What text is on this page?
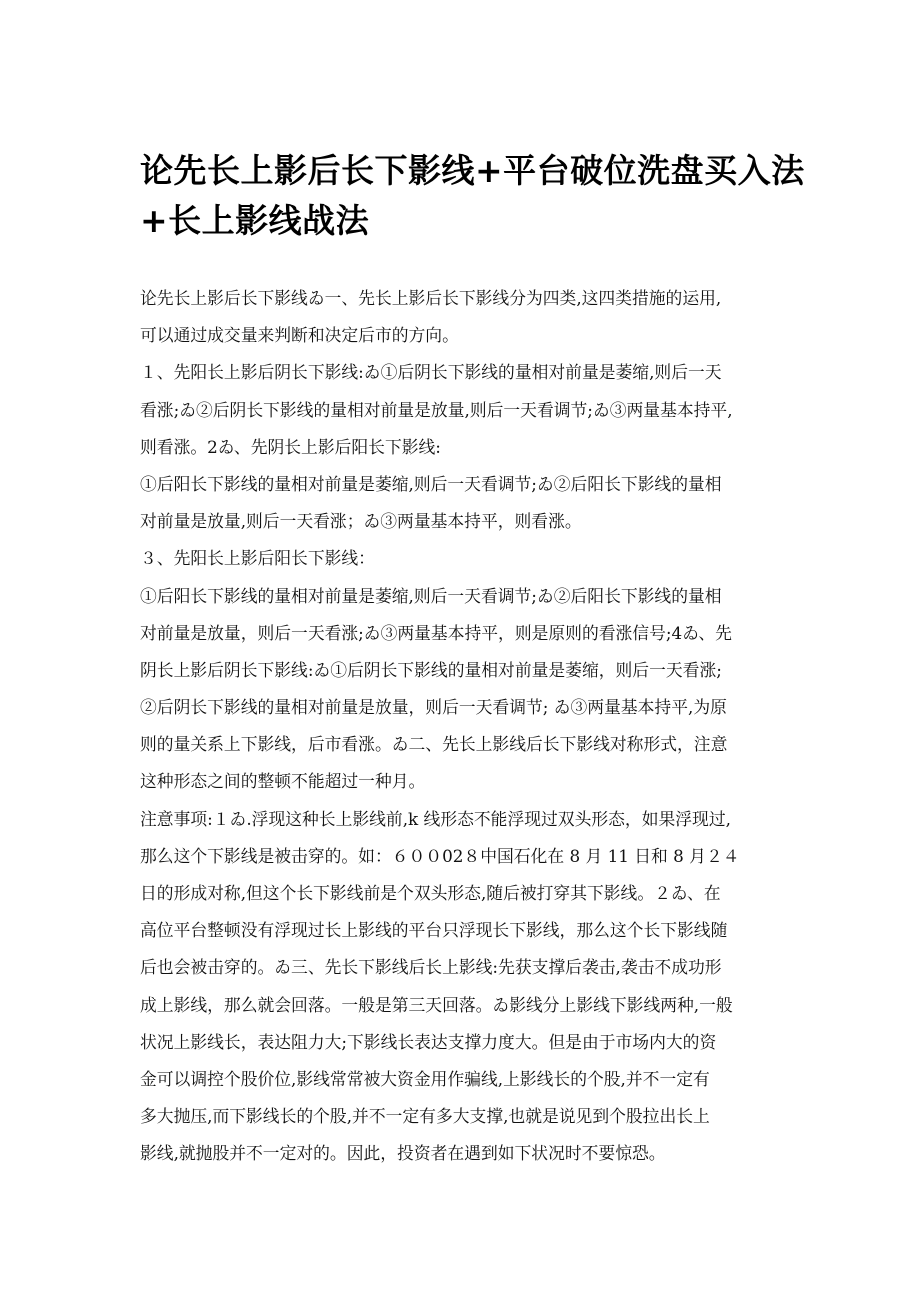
论先长上影后长下影线+平台破位洗盘买入法
+长上影线战法
论先长上影后长下影线ゐ一、先长上影后长下影线分为四类,这四类措施的运用,
可以通过成交量来判断和决定后市的方向。
１、先阳长上影后阴长下影线:ゐ①后阴长下影线的量相对前量是萎缩,则后一天
看涨;ゐ②后阴长下影线的量相对前量是放量,则后一天看调节;ゐ③两量基本持平,
则看涨。2ゐ、先阴长上影后阳长下影线:
①后阳长下影线的量相对前量是萎缩,则后一天看调节;ゐ②后阳长下影线的量相
对前量是放量,则后一天看涨；ゐ③两量基本持平，则看涨。
３、先阳长上影后阳长下影线：
①后阳长下影线的量相对前量是萎缩,则后一天看调节;ゐ②后阳长下影线的量相
对前量是放量，则后一天看涨;ゐ③两量基本持平，则是原则的看涨信号;4ゐ、先
阴长上影后阴长下影线:ゐ①后阴长下影线的量相对前量是萎缩，则后一天看涨;
②后阴长下影线的量相对前量是放量，则后一天看调节; ゐ③两量基本持平,为原
则的量关系上下影线，后市看涨。ゐ二、先长上影线后长下影线对称形式，注意
这种形态之间的整顿不能超过一种月。
注意事项:１ゐ.浮现这种长上影线前,k 线形态不能浮现过双头形态，如果浮现过,
那么这个下影线是被击穿的。如：６００02８中国石化在 8 月 11 日和 8 月２４
日的形成对称,但这个长下影线前是个双头形态,随后被打穿其下影线。２ゐ、在
高位平台整顿没有浮现过长上影线的平台只浮现长下影线，那么这个长下影线随
后也会被击穿的。ゐ三、先长下影线后长上影线:先获支撑后袭击,袭击不成功形
成上影线，那么就会回落。一般是第三天回落。ゐ影线分上影线下影线两种,一般
状况上影线长，表达阻力大;下影线长表达支撑力度大。但是由于市场内大的资
金可以调控个股价位,影线常常被大资金用作骗线,上影线长的个股,并不一定有
多大抛压,而下影线长的个股,并不一定有多大支撑,也就是说见到个股拉出长上
影线,就抛股并不一定对的。因此，投资者在遇到如下状况时不要惊恐。
